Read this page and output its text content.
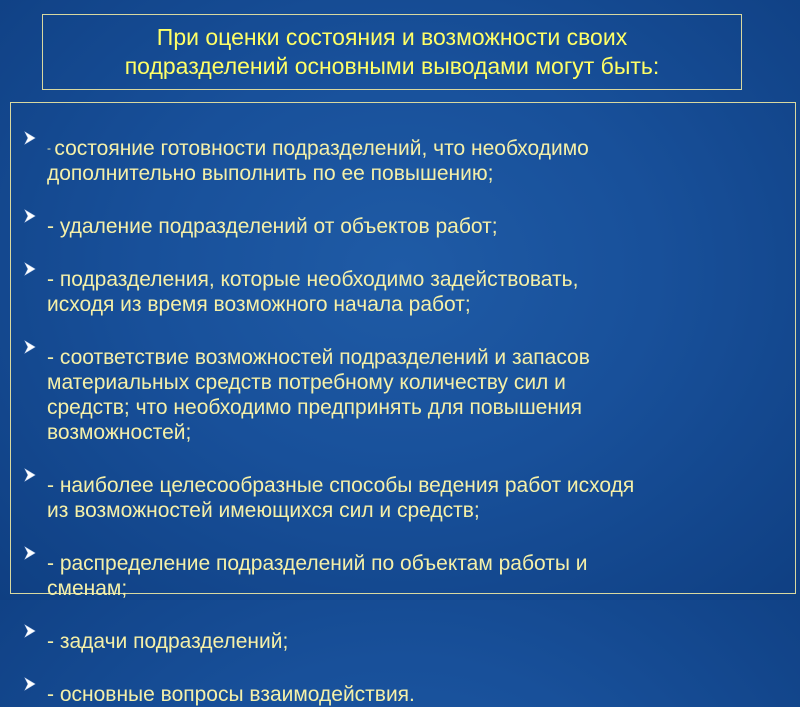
При оценки состояния и возможности своих
подразделений основными выводами могут быть:

- состояние готовности подразделений, что необходимо
дополнительно выполнить по ее повышению;

- удаление подразделений от объектов работ;

- подразделения, которые необходимо задействовать,
исходя из время возможного начала работ;

- соответствие возможностей подразделений и запасов
материальных средств потребному количеству сил и
средств; что необходимо предпринять для повышения
возможностей;

- наиболее целесообразные способы ведения работ исходя
из возможностей имеющихся сил и средств;

- распределение подразделений по объектам работы и
сменам;

- задачи подразделений;

- основные вопросы взаимодействия.
